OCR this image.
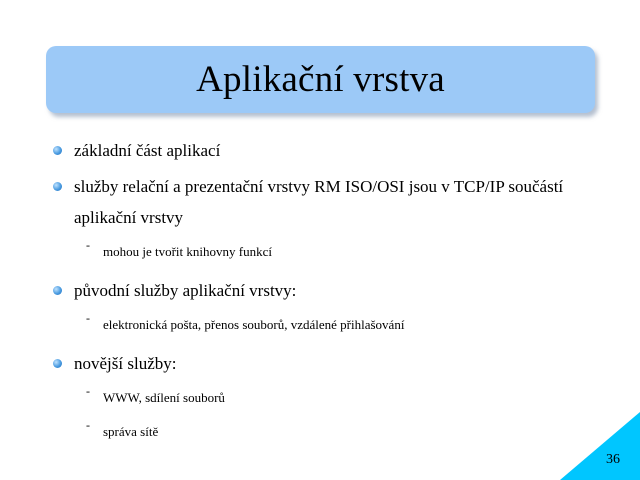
Aplikační vrstva
základní část aplikací
služby relační a prezentační vrstvy RM ISO/OSI jsou v TCP/IP součástí
aplikační vrstvy
- mohou je tvořit knihovny funkcí
původní služby aplikační vrstvy:
- elektronická pošta, přenos souborů, vzdálené přihlašování
novější služby:
- WWW, sdílení souborů
- správa sítě
36
